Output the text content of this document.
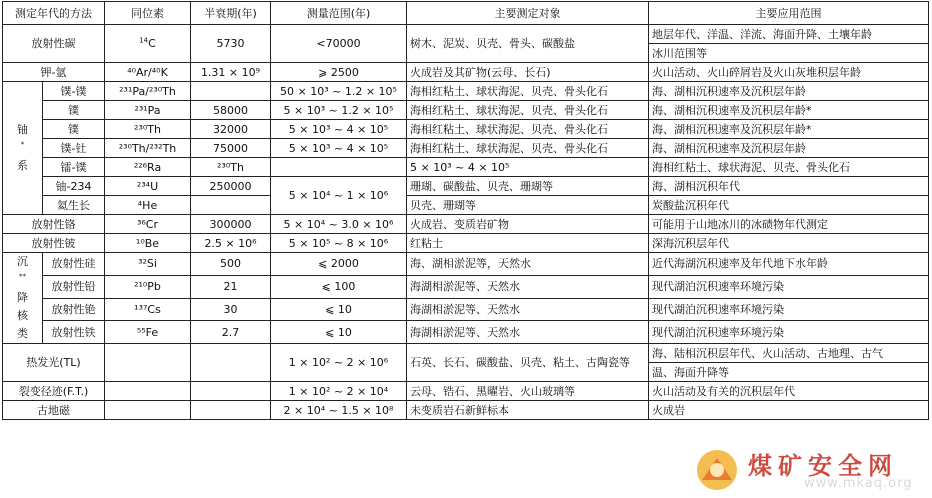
测定年代的方法		同位素	半衰期(年)	测量范围(年)	主要测定对象	主要应用范围
放射性碳		$^{14}$C	5730	<70000	树木、泥炭、贝壳、骨头、碳酸盐	地层年代、洋温、洋流、海面升降、土壤年龄
						冰川范围等
钾-氩		⁴⁰Ar/⁴⁰K	1.31 × 10⁹	⩾ 2500	火成岩及其矿物(云母、长石)	火山活动、火山碎屑岩及火山灰堆积层年龄

铀
*
系	镤-镤	²³¹Pa/²³⁰Th		50 × 10³ ~ 1.2 × 10⁵	海相红粘土、球状海泥、贝壳、骨头化石	海、湖相沉积速率及沉积层年龄
	镤	²³¹Pa	58000	5 × 10³ ~ 1.2 × 10⁵	海相红粘土、球状海泥、贝壳、骨头化石	海、湖相沉积速率及沉积层年龄*
	镤	²³⁰Th	32000	5 × 10³ ~ 4 × 10⁵	海相红粘土、球状海泥、贝壳、骨头化石	海、湖相沉积速率及沉积层年龄*
	镤-钍	²³⁰Th/²³²Th	75000	5 × 10³ ~ 4 × 10⁵	海相红粘土、球状海泥、贝壳、骨头化石	海、湖相沉积速率及沉积层年龄
	镭-镤	²²⁶Ra	²³⁰Th		5 × 10³ ~ 4 × 10⁵	海相红粘土、球状海泥、贝壳、骨头化石
	铀-234	²³⁴U	250000	5 × 10⁴ ~ 1 × 10⁶	珊瑚、碳酸盐、贝壳、珊瑚等	海、湖相沉积年代
	氦生长	⁴He			贝壳、珊瑚等	炭酸盐沉积年代
放射性铬		³⁶Cr	300000	5 × 10⁴ ~ 3.0 × 10⁶	火成岩、变质岩矿物	可能用于山地冰川的冰碛物年代测定
放射性铍		¹⁰Be	2.5 × 10⁶	5 × 10⁵ ~ 8 × 10⁶	红粘土	深海沉积层年代

沉
**
降
核
类	放射性硅	³²Si	500	⩽ 2000	海、湖相淤泥等，天然水	近代海湖沉积速率及年代地下水年龄
	放射性铅	²¹⁰Pb	21	⩽ 100	海湖相淤泥等、天然水	现代湖泊沉积速率环境污染
	放射性铯	¹³⁷Cs	30	⩽ 10	海湖相淤泥等、天然水	现代湖泊沉积速率环境污染
	放射性铁	⁵⁵Fe	2.7	⩽ 10	海湖相淤泥等、天然水	现代湖泊沉积速率环境污染
热发光(TL)				1 × 10² ~ 2 × 10⁶	石英、长石、碳酸盐、贝壳、粘土、古陶瓷等	海、陆相沉积层年代、火山活动、古地理、古气
						温、海面升降等
裂变径迹(F.T.)				1 × 10² ~ 2 × 10⁴	云母、锆石、黑曜岩、火山玻璃等	火山活动及有关的沉积层年代
古地磁				2 × 10⁴ ~ 1.5 × 10⁸	未变质岩石新鲜标本	火成岩
煤矿安全网
www.mkaq.org
